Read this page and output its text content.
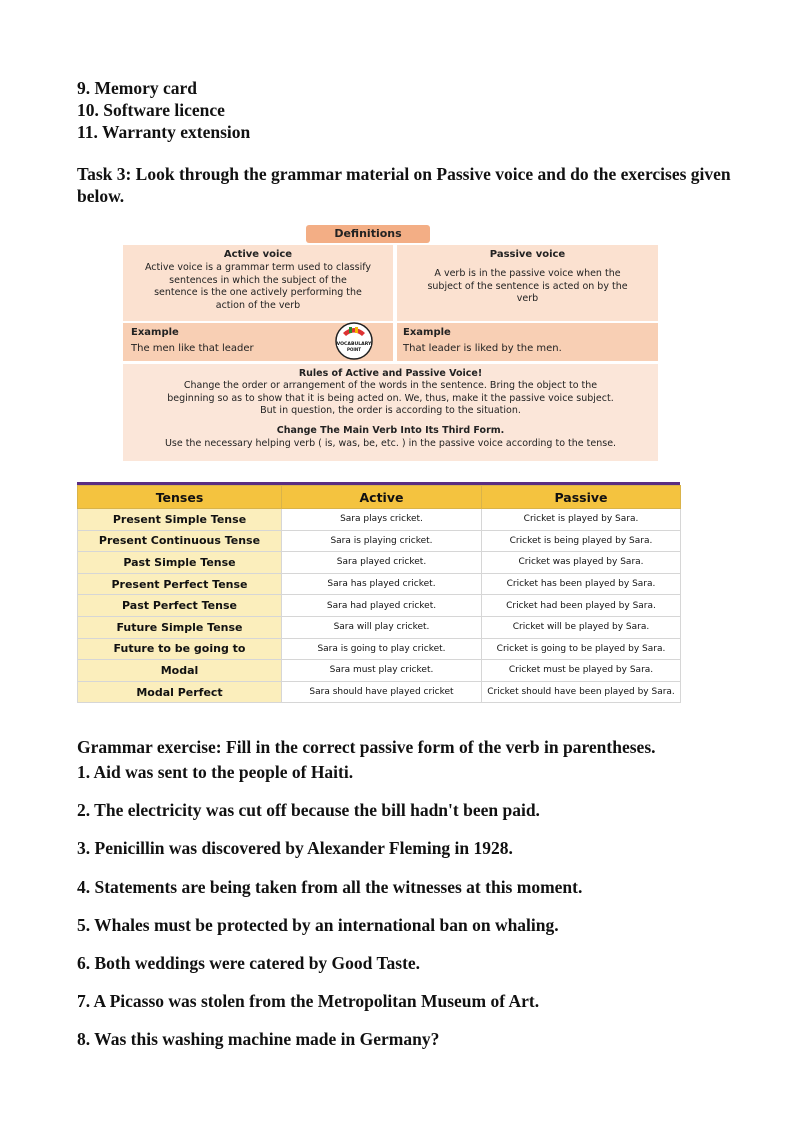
9. Memory card
10. Software licence
11. Warranty extension
Task 3: Look through the grammar material on Passive voice and do the exercises given below.
Definitions
Active voice
Active voice is a grammar term used to classify
sentences in which the subject of the
sentence is the one actively performing the
action of the verb
Passive voice
A verb is in the passive voice when the
subject of the sentence is acted on by the
verb
Example
The men like that leader
Example
That leader is liked by the men.
VOCABULARY
POINT
Rules of Active and Passive Voice!
Change the order or arrangement of the words in the sentence. Bring the object to the
beginning so as to show that it is being acted on. We, thus, make it the passive voice subject.
But in question, the order is according to the situation.
Change The Main Verb Into Its Third Form.
Use the necessary helping verb ( is, was, be, etc. ) in the passive voice according to the tense.
Tenses	Active	Passive
Present Simple Tense	Sara plays cricket.	Cricket is played by Sara.
Present Continuous Tense	Sara is playing cricket.	Cricket is being played by Sara.
Past Simple Tense	Sara played cricket.	Cricket was played by Sara.
Present Perfect Tense	Sara has played cricket.	Cricket has been played by Sara.
Past Perfect Tense	Sara had played cricket.	Cricket had been played by Sara.
Future Simple Tense	Sara will play cricket.	Cricket will be played by Sara.
Future to be going to	Sara is going to play cricket.	Cricket is going to be played by Sara.
Modal	Sara must play cricket.	Cricket must be played by Sara.
Modal Perfect	Sara should have played cricket	Cricket should have been played by Sara.
Grammar exercise: Fill in the correct passive form of the verb in parentheses.
1. Aid was sent to the people of Haiti.
2. The electricity was cut off because the bill hadn't been paid.
3. Penicillin was discovered by Alexander Fleming in 1928.
4. Statements are being taken from all the witnesses at this moment.
5. Whales must be protected by an international ban on whaling.
6. Both weddings were catered by Good Taste.
7. A Picasso was stolen from the Metropolitan Museum of Art.
8. Was this washing machine made in Germany?
